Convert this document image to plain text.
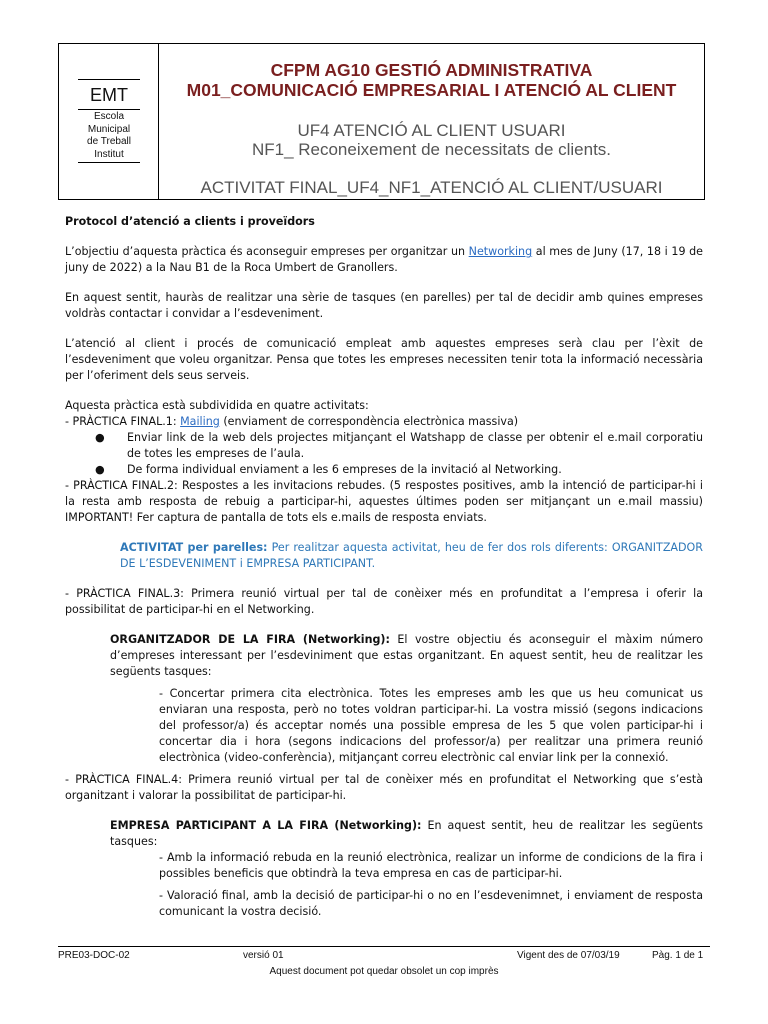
EMT
Escola
Municipal
de Treball
Institut
CFPM AG10 GESTIÓ ADMINISTRATIVA
M01_COMUNICACIÓ EMPRESARIAL I ATENCIÓ AL CLIENT
UF4 ATENCIÓ AL CLIENT USUARI
NF1_ Reconeixement de necessitats de clients.
ACTIVITAT FINAL_UF4_NF1_ATENCIÓ AL CLIENT/USUARI

Protocol d’atenció a clients i proveïdors

L’objectiu d’aquesta pràctica és aconseguir empreses per organitzar un Networking al mes de Juny (17, 18 i 19 de juny de 2022) a la Nau B1 de la Roca Umbert de Granollers.

En aquest sentit, hauràs de realitzar una sèrie de tasques (en parelles) per tal de decidir amb quines empreses voldràs contactar i convidar a l’esdeveniment.

L’atenció al client i procés de comunicació empleat amb aquestes empreses serà clau per l’èxit de l’esdeveniment que voleu organitzar. Pensa que totes les empreses necessiten tenir tota la informació necessària per l’oferiment dels seus serveis.

Aquesta pràctica està subdividida en quatre activitats:

- PRÀCTICA FINAL.1: Mailing (enviament de correspondència electrònica massiva)

● Enviar link de la web dels projectes mitjançant el Watshapp de classe per obtenir el e.mail corporatiu de totes les empreses de l’aula.
● De forma individual enviament a les 6 empreses de la invitació al Networking.

- PRÀCTICA FINAL.2: Respostes a les invitacions rebudes. (5 respostes positives, amb la intenció de participar-hi i la resta amb resposta de rebuig a participar-hi, aquestes últimes poden ser mitjançant un e.mail massiu) IMPORTANT! Fer captura de pantalla de tots els e.mails de resposta enviats.

ACTIVITAT per parelles: Per realitzar aquesta activitat, heu de fer dos rols diferents: ORGANITZADOR DE L’ESDEVENIMENT i EMPRESA PARTICIPANT.

- PRÀCTICA FINAL.3: Primera reunió virtual per tal de conèixer més en profunditat a l’empresa i oferir la possibilitat de participar-hi en el Networking.

ORGANITZADOR DE LA FIRA (Networking): El vostre objectiu és aconseguir el màxim número d’empreses interessant per l’esdeviniment que estas organitzant. En aquest sentit, heu de realitzar les següents tasques:

- Concertar primera cita electrònica. Totes les empreses amb les que us heu comunicat us enviaran una resposta, però no totes voldran participar-hi. La vostra missió (segons indicacions del professor/a) és acceptar només una possible empresa de les 5 que volen participar-hi i concertar dia i hora (segons indicacions del professor/a) per realitzar una primera reunió electrònica (video-conferència), mitjançant correu electrònic cal enviar link per la connexió.

- PRÀCTICA FINAL.4: Primera reunió virtual per tal de conèixer més en profunditat el Networking que s’està organitzant i valorar la possibilitat de participar-hi.

EMPRESA PARTICIPANT A LA FIRA (Networking): En aquest sentit, heu de realitzar les següents tasques:

- Amb la informació rebuda en la reunió electrònica, realizar un informe de condicions de la fira i possibles beneficis que obtindrà la teva empresa en cas de participar-hi.

- Valoració final, amb la decisió de participar-hi o no en l’esdevenimnet, i enviament de resposta comunicant la vostra decisió.

PRE03-DOC-02	versió 01	Vigent des de 07/03/19	Pàg. 1 de 1
Aquest document pot quedar obsolet un cop imprès
